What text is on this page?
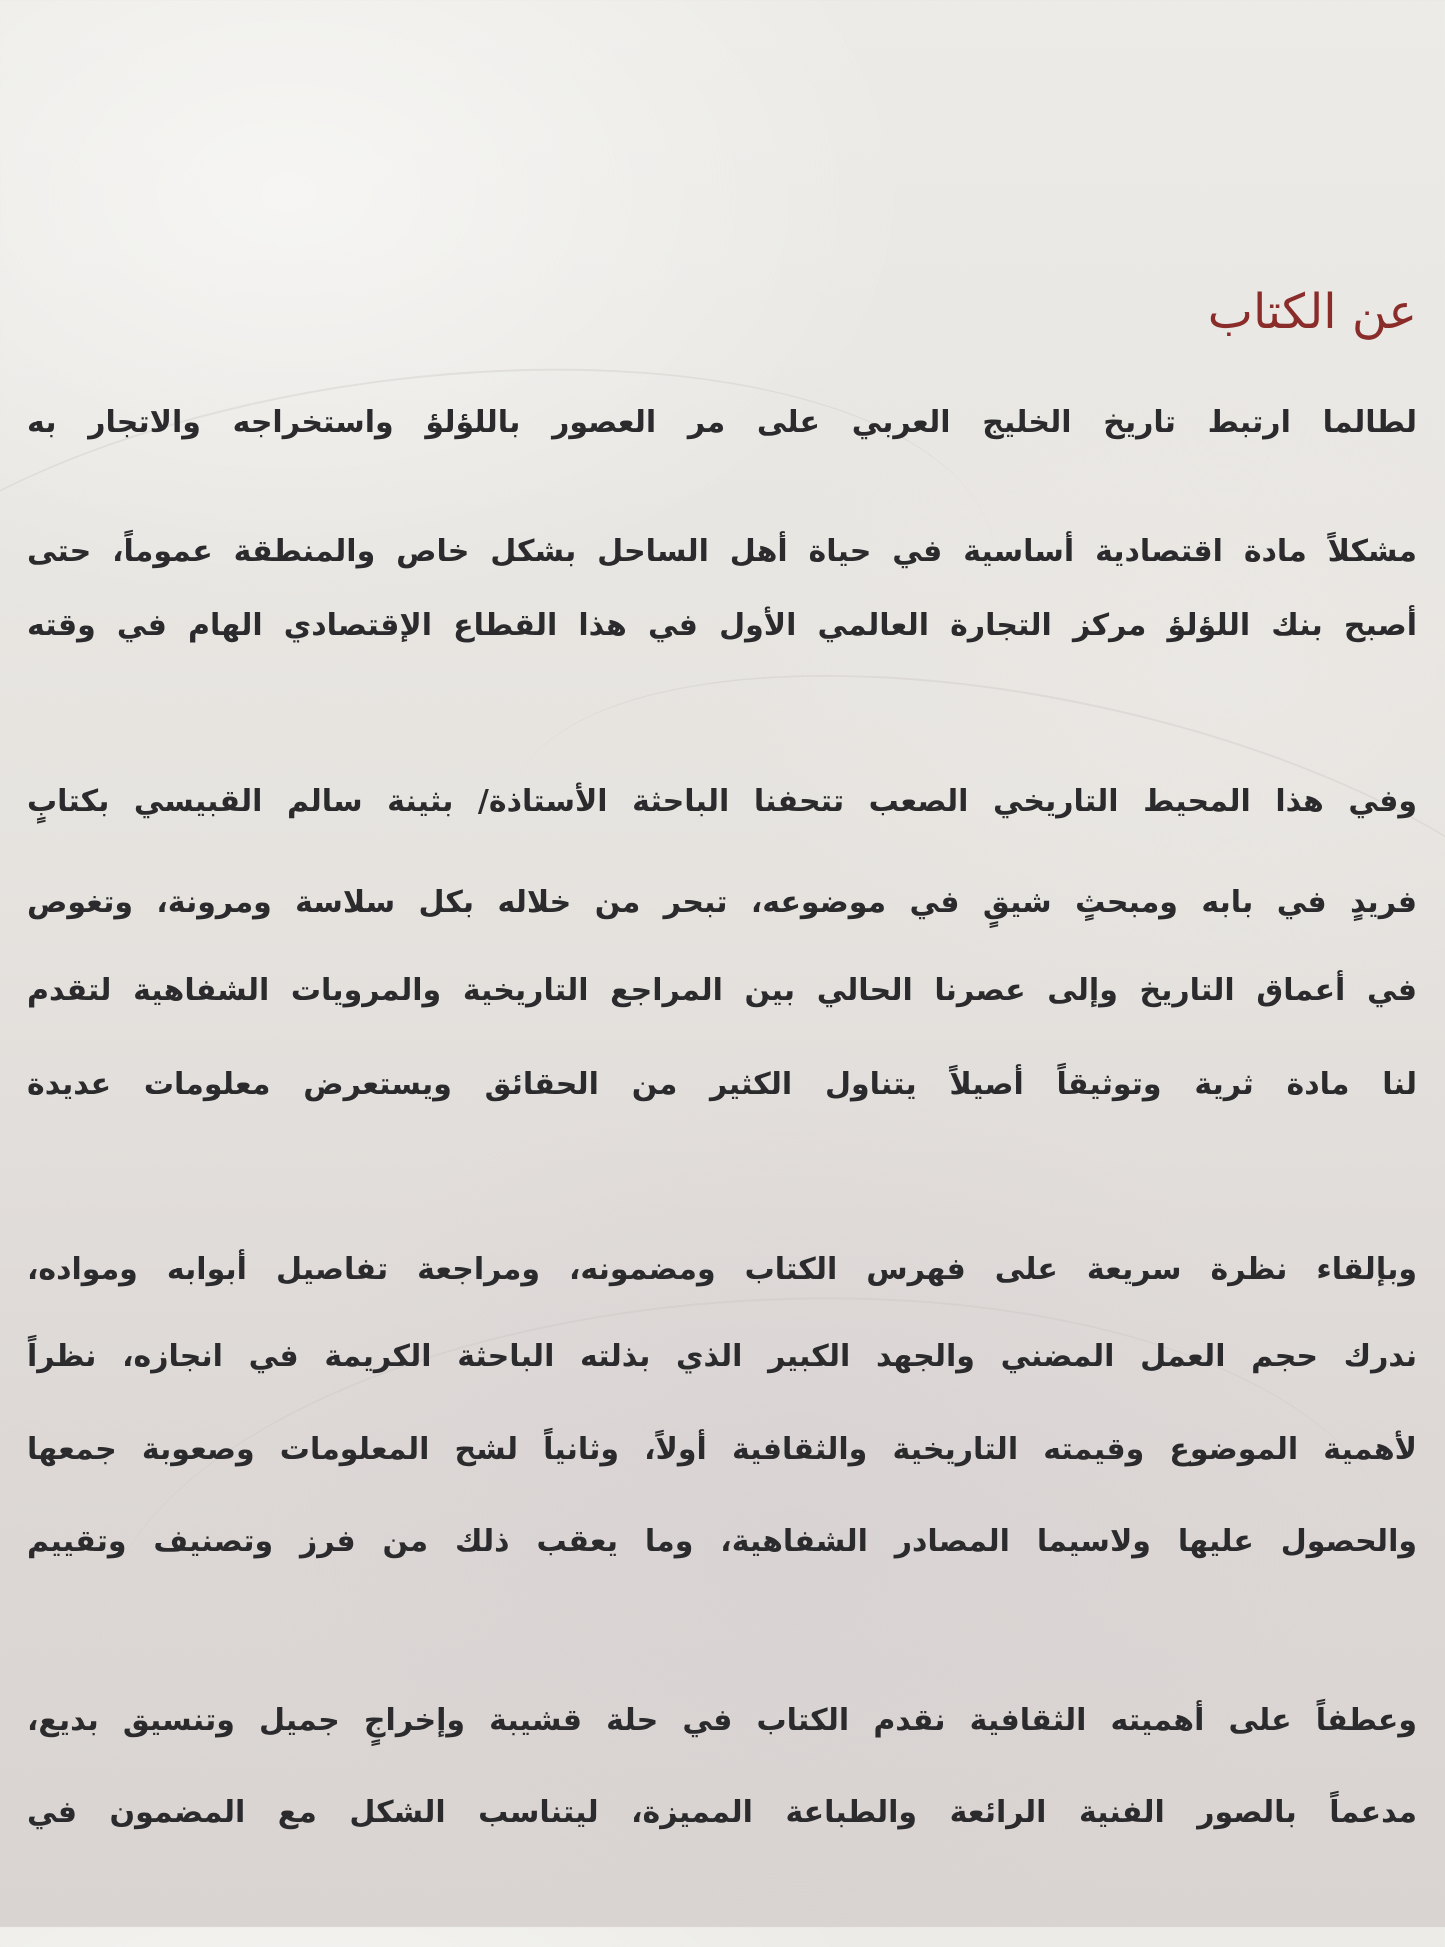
عن الكتاب

لطالما ارتبط تاريخ الخليج العربي على مر العصور باللؤلؤ واستخراجه والاتجار به

مشكلاً مادة اقتصادية أساسية في حياة أهل الساحل بشكل خاص والمنطقة عموماً، حتى

أصبح بنك اللؤلؤ مركز التجارة العالمي الأول في هذا القطاع الإقتصادي الهام في وقته

وفي هذا المحيط التاريخي الصعب تتحفنا الباحثة الأستاذة/ بثينة سالم القبيسي بكتابٍ

فريدٍ في بابه ومبحثٍ شيقٍ في موضوعه، تبحر من خلاله بكل سلاسة ومرونة، وتغوص

في أعماق التاريخ وإلى عصرنا الحالي بين المراجع التاريخية والمرويات الشفاهية لتقدم

لنا مادة ثرية وتوثيقاً أصيلاً يتناول الكثير من الحقائق ويستعرض معلومات عديدة

وبإلقاء نظرة سريعة على فهرس الكتاب ومضمونه، ومراجعة تفاصيل أبوابه ومواده،

ندرك حجم العمل المضني والجهد الكبير الذي بذلته الباحثة الكريمة في انجازه، نظراً

لأهمية الموضوع وقيمته التاريخية والثقافية أولاً، وثانياً لشح المعلومات وصعوبة جمعها

والحصول عليها ولاسيما المصادر الشفاهية، وما يعقب ذلك من فرز وتصنيف وتقييم

وعطفاً على أهميته الثقافية نقدم الكتاب في حلة قشيبة وإخراجٍ جميل وتنسيق بديع،

مدعماً بالصور الفنية الرائعة والطباعة المميزة، ليتناسب الشكل مع المضمون في
